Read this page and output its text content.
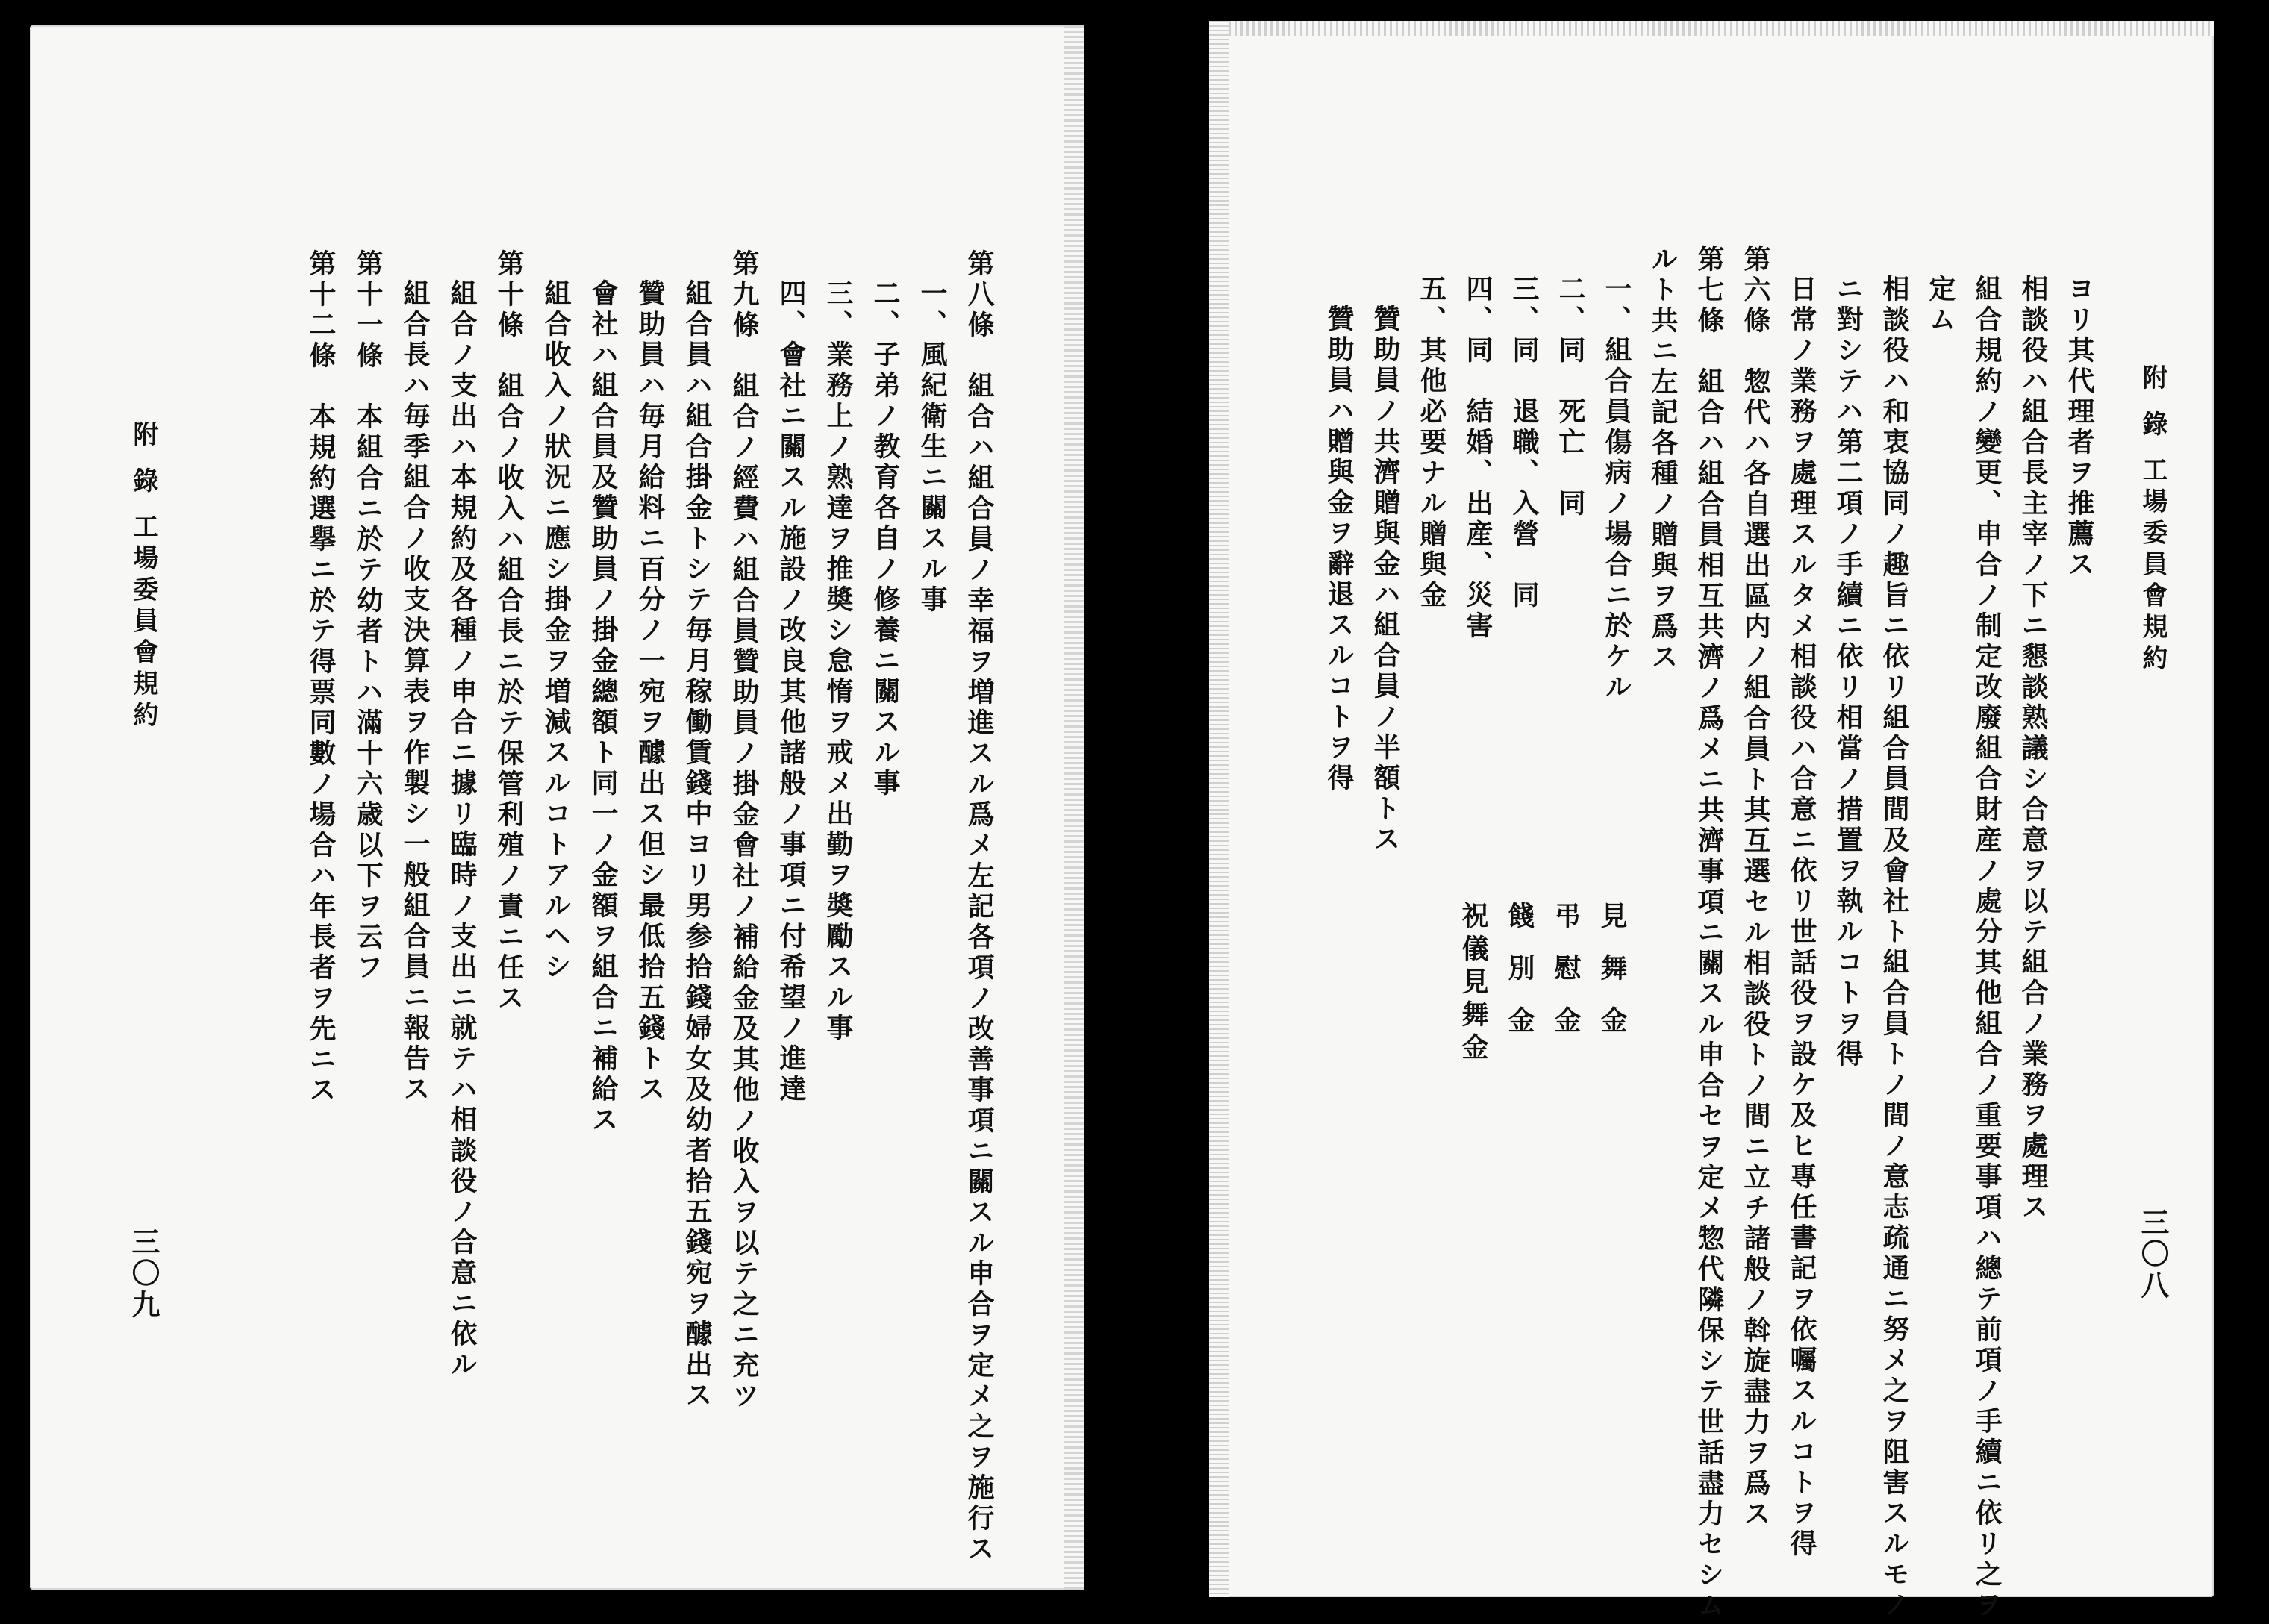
附 錄 工場委員會規約
三〇九	第八條　組合ハ組合員ノ幸福ヲ増進スル爲メ左記各項ノ改善事項ニ關スル申合ヲ定メ之ヲ施行ス
一、風紀衛生ニ關スル事
二、子弟ノ教育各自ノ修養ニ關スル事
三、業務上ノ熟達ヲ推奬シ怠惰ヲ戒メ出勤ヲ奬勵スル事
四、會社ニ關スル施設ノ改良其他諸般ノ事項ニ付希望ノ進達
第九條　組合ノ經費ハ組合員贊助員ノ掛金會社ノ補給金及其他ノ收入ヲ以テ之ニ充ツ
組合員ハ組合掛金トシテ毎月稼働賃錢中ヨリ男参拾錢婦女及幼者拾五錢宛ヲ醵出ス
贊助員ハ毎月給料ニ百分ノ一宛ヲ醵出ス但シ最低拾五錢トス
會社ハ組合員及贊助員ノ掛金總額ト同一ノ金額ヲ組合ニ補給ス
組合收入ノ狀況ニ應シ掛金ヲ増減スルコトアルヘシ
第十條　組合ノ收入ハ組合長ニ於テ保管利殖ノ責ニ任ス
組合ノ支出ハ本規約及各種ノ申合ニ據リ臨時ノ支出ニ就テハ相談役ノ合意ニ依ル
組合長ハ毎季組合ノ收支決算表ヲ作製シ一般組合員ニ報告ス
第十一條　本組合ニ於テ幼者トハ滿十六歳以下ヲ云フ
第十二條　本規約選擧ニ於テ得票同數ノ場合ハ年長者ヲ先ニス	附 錄 工場委員會規約
三〇八
ヨリ其代理者ヲ推薦ス
相談役ハ組合長主宰ノ下ニ懇談熟議シ合意ヲ以テ組合ノ業務ヲ處理ス
組合規約ノ變更、申合ノ制定改廢組合財産ノ處分其他組合ノ重要事項ハ總テ前項ノ手續ニ依リ之ヲ
定ム
相談役ハ和衷協同ノ趣旨ニ依リ組合員間及會社ト組合員トノ間ノ意志疏通ニ努メ之ヲ阻害スルモノ
ニ對シテハ第二項ノ手續ニ依リ相當ノ措置ヲ執ルコトヲ得
日常ノ業務ヲ處理スルタメ相談役ハ合意ニ依リ世話役ヲ設ケ及ヒ專任書記ヲ依囑スルコトヲ得
第六條　惣代ハ各自選出區内ノ組合員ト其互選セル相談役トノ間ニ立チ諸般ノ斡旋盡力ヲ爲ス
第七條　組合ハ組合員相互共濟ノ爲メニ共濟事項ニ關スル申合セヲ定メ惣代隣保シテ世話盡力セシム
ルト共ニ左記各種ノ贈與ヲ爲ス
一、組合員傷病ノ場合ニ於ケル
二、同　死亡　同
三、同　退職、入營　同
四、同　結婚、出産、災害
五、其他必要ナル贈與金
贊助員ノ共濟贈與金ハ組合員ノ半額トス
贊助員ハ贈與金ヲ辭退スルコトヲ得
見舞金
弔慰金
餞別金
祝儀見舞金
